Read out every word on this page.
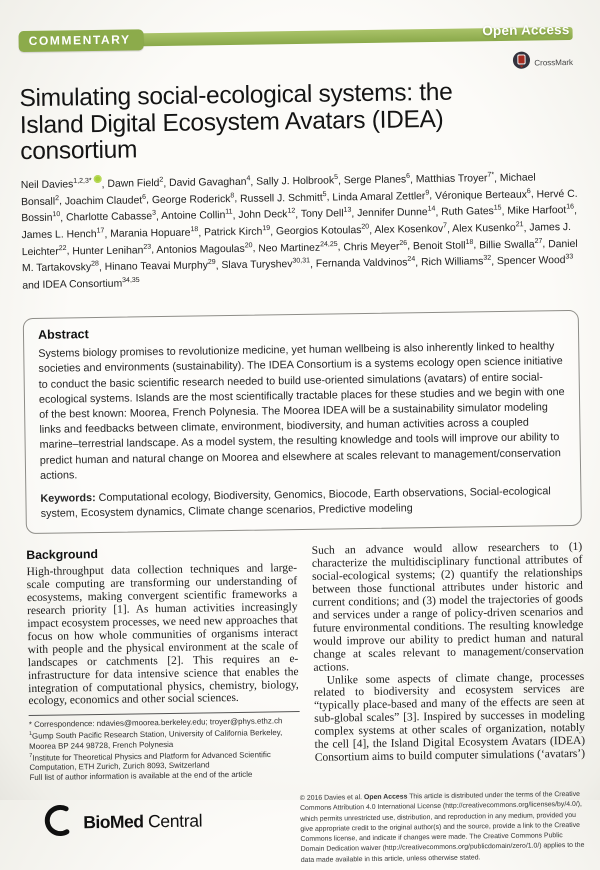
COMMENTARY
Open Access
CrossMark
Simulating social-ecological systems: the
Island Digital Ecosystem Avatars (IDEA)
consortium
Neil Davies$^{1,2,3*}$ , Dawn Field$^2$, David Gavaghan$^4$, Sally J. Holbrook$^5$, Serge Planes$^6$, Matthias Troyer$^{7*}$, Michael Bonsall$^2$, Joachim Claudet$^6$, George Roderick$^8$, Russell J. Schmitt$^5$, Linda Amaral Zettler$^9$, Véronique Berteaux$^6$, Hervé C. Bossin$^{10}$, Charlotte Cabasse$^3$, Antoine Collin$^{11}$, John Deck$^{12}$, Tony Dell$^{13}$, Jennifer Dunne$^{14}$, Ruth Gates$^{15}$, Mike Harfoot$^{16}$, James L. Hench$^{17}$, Marania Hopuare$^{18}$, Patrick Kirch$^{19}$, Georgios Kotoulas$^{20}$, Alex Kosenkov$^7$, Alex Kusenko$^{21}$, James J. Leichter$^{22}$, Hunter Lenihan$^{23}$, Antonios Magoulas$^{20}$, Neo Martinez$^{24,25}$, Chris Meyer$^{26}$, Benoit Stoll$^{18}$, Billie Swalla$^{27}$, Daniel M. Tartakovsky$^{28}$, Hinano Teavai Murphy$^{29}$, Slava Turyshev$^{30,31}$, Fernanda Valdvinos$^{24}$, Rich Williams$^{32}$, Spencer Wood$^{33}$ and IDEA Consortium$^{34,35}$
Abstract

Systems biology promises to revolutionize medicine, yet human wellbeing is also inherently linked to healthy societies and environments (sustainability). The IDEA Consortium is a systems ecology open science initiative to conduct the basic scientific research needed to build use-oriented simulations (avatars) of entire social-ecological systems. Islands are the most scientifically tractable places for these studies and we begin with one of the best known: Moorea, French Polynesia. The Moorea IDEA will be a sustainability simulator modeling links and feedbacks between climate, environment, biodiversity, and human activities across a coupled marine–terrestrial landscape. As a model system, the resulting knowledge and tools will improve our ability to predict human and natural change on Moorea and elsewhere at scales relevant to management/conservation actions.

Keywords: Computational ecology, Biodiversity, Genomics, Biocode, Earth observations, Social-ecological system, Ecosystem dynamics, Climate change scenarios, Predictive modeling

Background

High-throughput data collection techniques and large-scale computing are transforming our understanding of ecosystems, making convergent scientific frameworks a research priority [1]. As human activities increasingly impact ecosystem processes, we need new approaches that focus on how whole communities of organisms interact with people and the physical environment at the scale of landscapes or catchments [2]. This requires an e-infrastructure for data intensive science that enables the integration of computational physics, chemistry, biology, ecology, economics and other social sciences.

* Correspondence: ndavies@moorea.berkeley.edu; troyer@phys.ethz.ch
$^1$Gump South Pacific Research Station, University of California Berkeley, Moorea BP 244 98728, French Polynesia
$^7$Institute for Theoretical Physics and Platform for Advanced Scientific Computation, ETH Zurich, Zurich 8093, Switzerland
Full list of author information is available at the end of the article

Such an advance would allow researchers to (1) characterize the multidisciplinary functional attributes of social-ecological systems; (2) quantify the relationships between those functional attributes under historic and current conditions; and (3) model the trajectories of goods and services under a range of policy-driven scenarios and future environmental conditions. The resulting knowledge would improve our ability to predict human and natural change at scales relevant to management/conservation actions.

Unlike some aspects of climate change, processes related to biodiversity and ecosystem services are “typically place-based and many of the effects are seen at sub-global scales” [3]. Inspired by successes in modeling complex systems at other scales of organization, notably the cell [4], the Island Digital Ecosystem Avatars (IDEA) Consortium aims to build computer simulations (‘avatars’)

BioMed Central
© 2016 Davies et al. Open Access This article is distributed under the terms of the Creative Commons Attribution 4.0 International License (http://creativecommons.org/licenses/by/4.0/), which permits unrestricted use, distribution, and reproduction in any medium, provided you give appropriate credit to the original author(s) and the source, provide a link to the Creative Commons license, and indicate if changes were made. The Creative Commons Public Domain Dedication waiver (http://creativecommons.org/publicdomain/zero/1.0/) applies to the data made available in this article, unless otherwise stated.
